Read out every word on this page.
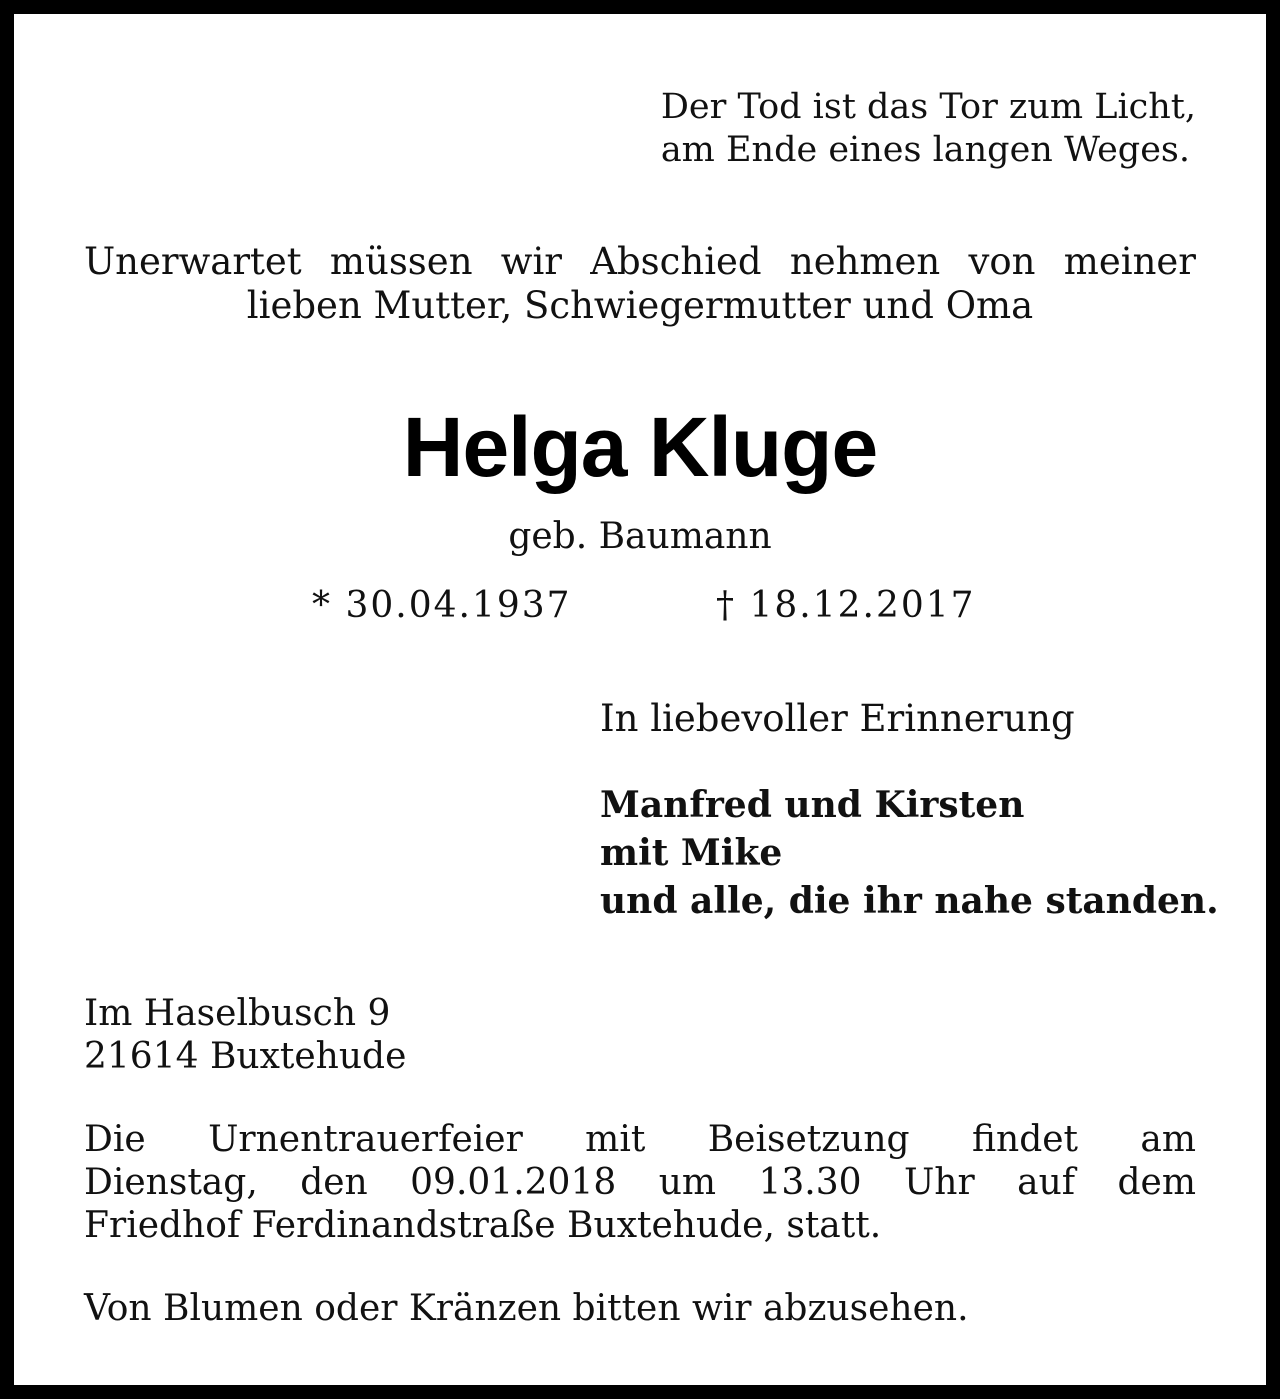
Der Tod ist das Tor zum Licht,
am Ende eines langen Weges.
Unerwartet müssen wir Abschied nehmen von meiner
lieben Mutter, Schwiegermutter und Oma
Helga Kluge
geb. Baumann
* 30.04.1937	† 18.12.2017
In liebevoller Erinnerung
Manfred und Kirsten
mit Mike
und alle, die ihr nahe standen.
Im Haselbusch 9
21614 Buxtehude
Die Urnentrauerfeier mit Beisetzung findet am
Dienstag, den 09.01.2018 um 13.30 Uhr auf dem
Friedhof Ferdinandstraße Buxtehude, statt.
Von Blumen oder Kränzen bitten wir abzusehen.
